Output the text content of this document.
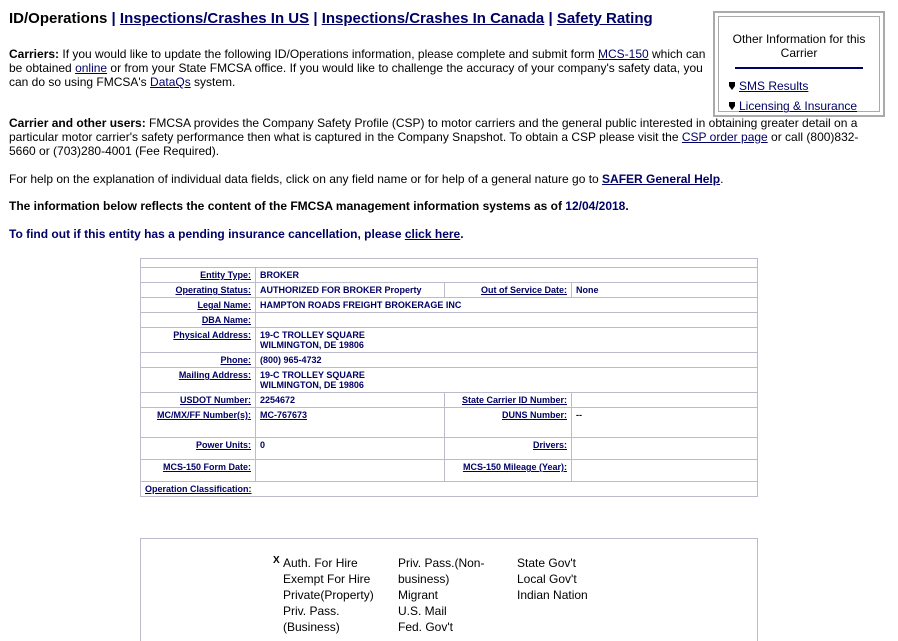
ID/Operations | Inspections/Crashes In US | Inspections/Crashes In Canada | Safety Rating
Other Information for this Carrier
SMS Results
Licensing & Insurance
Carriers: If you would like to update the following ID/Operations information, please complete and submit form MCS-150 which can be obtained online or from your State FMCSA office. If you would like to challenge the accuracy of your company's safety data, you can do so using FMCSA's DataQs system.
Carrier and other users: FMCSA provides the Company Safety Profile (CSP) to motor carriers and the general public interested in obtaining greater detail on a particular motor carrier's safety performance then what is captured in the Company Snapshot. To obtain a CSP please visit the CSP order page or call (800)832-5660 or (703)280-4001 (Fee Required).
For help on the explanation of individual data fields, click on any field name or for help of a general nature go to SAFER General Help.
The information below reflects the content of the FMCSA management information systems as of 12/04/2018.
To find out if this entity has a pending insurance cancellation, please click here.

Entity Type:	BROKER		
Operating Status:	AUTHORIZED FOR BROKER Property	Out of Service Date:	None
Legal Name:	HAMPTON ROADS FREIGHT BROKERAGE INC		
DBA Name:			
Physical Address:	19-C TROLLEY SQUARE
WILMINGTON, DE 19806		

Phone:	(800) 965-4732		
Mailing Address:	19-C TROLLEY SQUARE
WILMINGTON, DE 19806		

USDOT Number:	2254672	State Carrier ID Number:	
MC/MX/FF Number(s):	MC-767673	DUNS Number:	--
Power Units:	0	Drivers:	
MCS-150 Form Date:		MCS-150 Mileage (Year):	
Operation Classification:			
X Auth. For Hire
Exempt For Hire
Private(Property)
Priv. Pass.
(Business)
Priv. Pass.(Non-
business)
Migrant
U.S. Mail
Fed. Gov't
State Gov't
Local Gov't
Indian Nation
